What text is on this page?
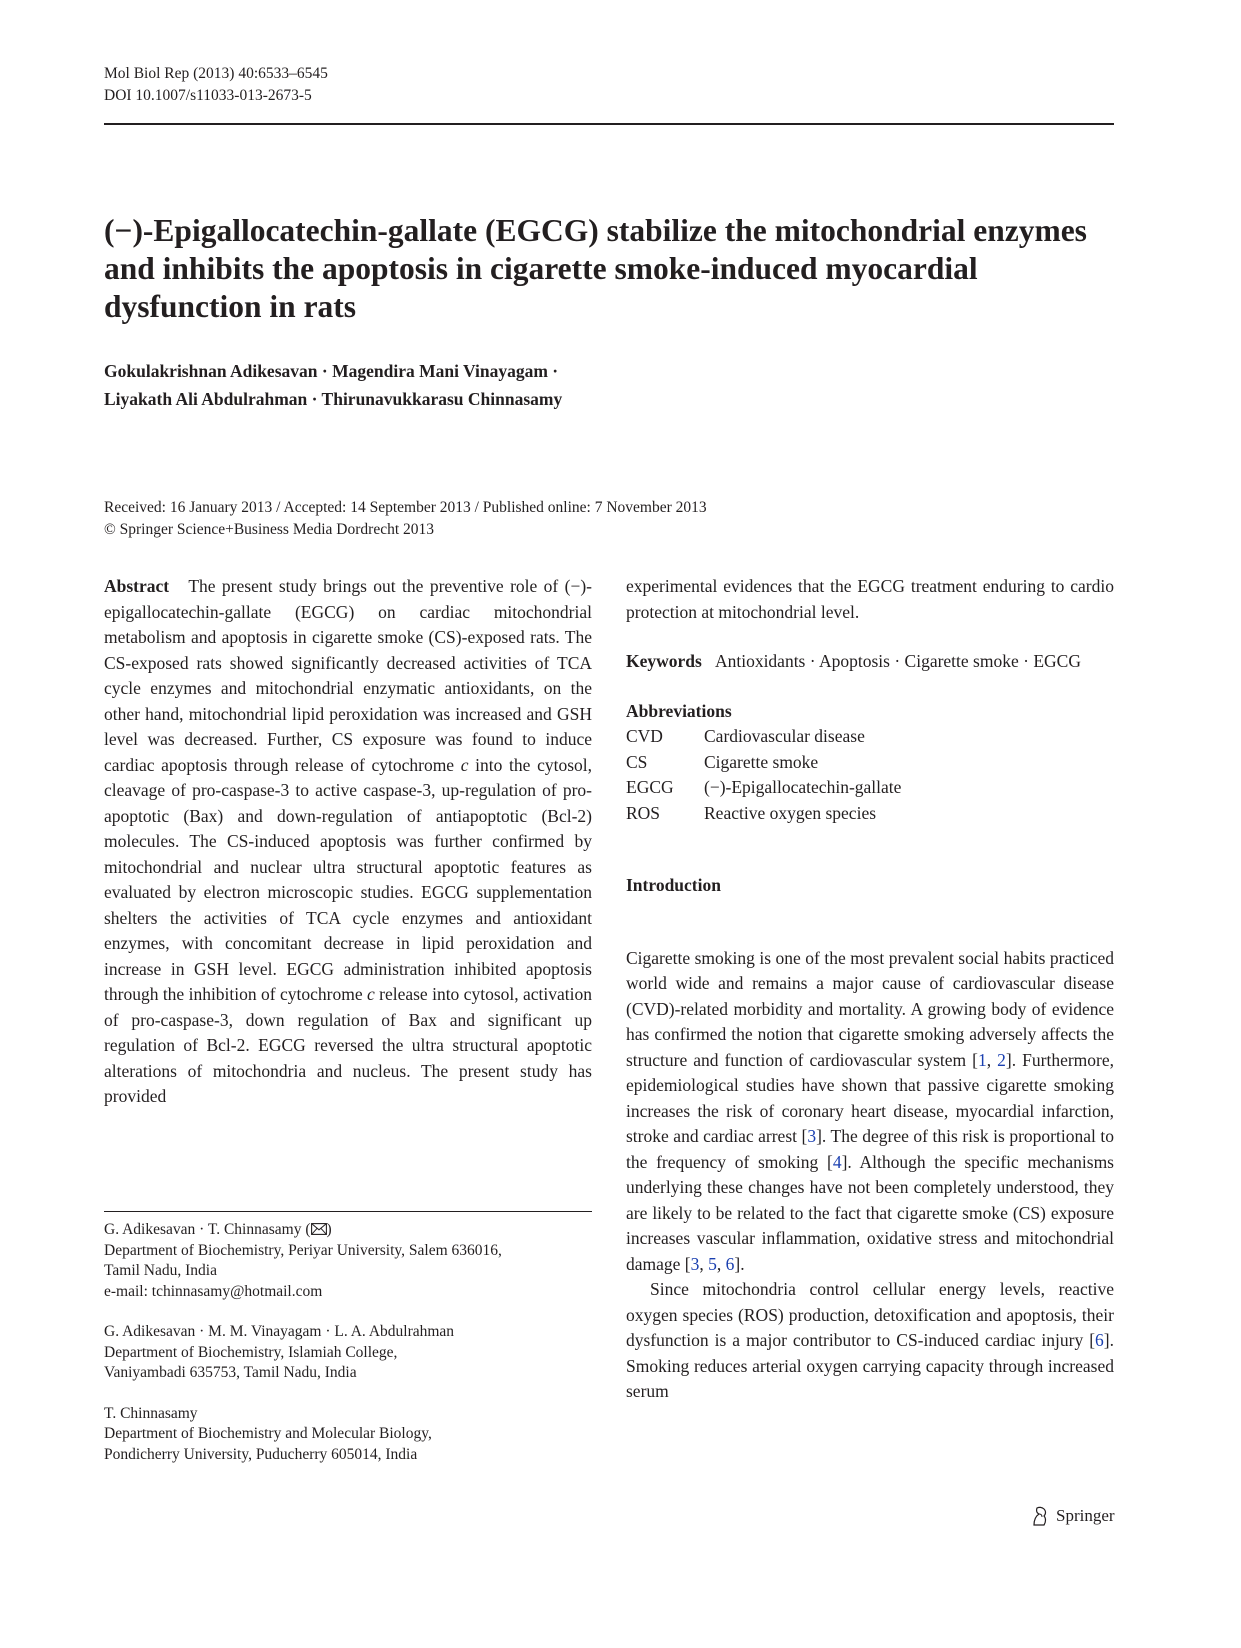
Mol Biol Rep (2013) 40:6533–6545
DOI 10.1007/s11033-013-2673-5
(−)-Epigallocatechin-gallate (EGCG) stabilize the mitochondrial enzymes and inhibits the apoptosis in cigarette smoke-induced myocardial dysfunction in rats
Gokulakrishnan Adikesavan · Magendira Mani Vinayagam ·
Liyakath Ali Abdulrahman · Thirunavukkarasu Chinnasamy
Received: 16 January 2013 / Accepted: 14 September 2013 / Published online: 7 November 2013
© Springer Science+Business Media Dordrecht 2013

Abstract The present study brings out the preventive role of (−)-epigallocatechin-gallate (EGCG) on cardiac mitochondrial metabolism and apoptosis in cigarette smoke (CS)-exposed rats. The CS-exposed rats showed significantly decreased activities of TCA cycle enzymes and mitochondrial enzymatic antioxidants, on the other hand, mitochondrial lipid peroxidation was increased and GSH level was decreased. Further, CS exposure was found to induce cardiac apoptosis through release of cytochrome c into the cytosol, cleavage of pro-caspase-3 to active caspase-3, up-regulation of pro-apoptotic (Bax) and down-regulation of antiapoptotic (Bcl-2) molecules. The CS-induced apoptosis was further confirmed by mitochondrial and nuclear ultra structural apoptotic features as evaluated by electron microscopic studies. EGCG supplementation shelters the activities of TCA cycle enzymes and antioxidant enzymes, with concomitant decrease in lipid peroxidation and increase in GSH level. EGCG administration inhibited apoptosis through the inhibition of cytochrome c release into cytosol, activation of pro-caspase-3, down regulation of Bax and significant up regulation of Bcl-2. EGCG reversed the ultra structural apoptotic alterations of mitochondria and nucleus. The present study has provided

experimental evidences that the EGCG treatment enduring to cardio protection at mitochondrial level.

Keywords Antioxidants · Apoptosis · Cigarette smoke · EGCG

Abbreviations
CVD	Cardiovascular disease
CS	Cigarette smoke
EGCG	(−)-Epigallocatechin-gallate
ROS	Reactive oxygen species

Introduction

Cigarette smoking is one of the most prevalent social habits practiced world wide and remains a major cause of cardiovascular disease (CVD)-related morbidity and mortality. A growing body of evidence has confirmed the notion that cigarette smoking adversely affects the structure and function of cardiovascular system [1, 2]. Furthermore, epidemiological studies have shown that passive cigarette smoking increases the risk of coronary heart disease, myocardial infarction, stroke and cardiac arrest [3]. The degree of this risk is proportional to the frequency of smoking [4]. Although the specific mechanisms underlying these changes have not been completely understood, they are likely to be related to the fact that cigarette smoke (CS) exposure increases vascular inflammation, oxidative stress and mitochondrial damage [3, 5, 6].

Since mitochondria control cellular energy levels, reactive oxygen species (ROS) production, detoxification and apoptosis, their dysfunction is a major contributor to CS-induced cardiac injury [6]. Smoking reduces arterial oxygen carrying capacity through increased serum

G. Adikesavan · T. Chinnasamy ( )
Department of Biochemistry, Periyar University, Salem 636016,
Tamil Nadu, India
e-mail: tchinnasamy@hotmail.com

G. Adikesavan · M. M. Vinayagam · L. A. Abdulrahman
Department of Biochemistry, Islamiah College,
Vaniyambadi 635753, Tamil Nadu, India

T. Chinnasamy
Department of Biochemistry and Molecular Biology,
Pondicherry University, Puducherry 605014, India

Springer
